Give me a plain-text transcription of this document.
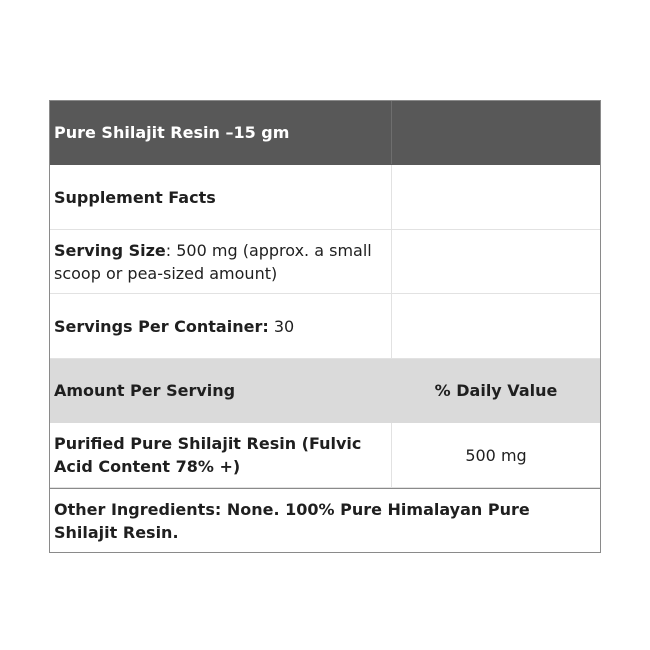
Pure Shilajit Resin –15 gm
Supplement Facts
Serving Size: 500 mg (approx. a small scoop or pea-sized amount)
Servings Per Container: 30
Amount Per Serving	% Daily Value
Purified Pure Shilajit Resin (Fulvic Acid Content 78% +)
500 mg
Other Ingredients: None. 100% Pure Himalayan Pure Shilajit Resin.
